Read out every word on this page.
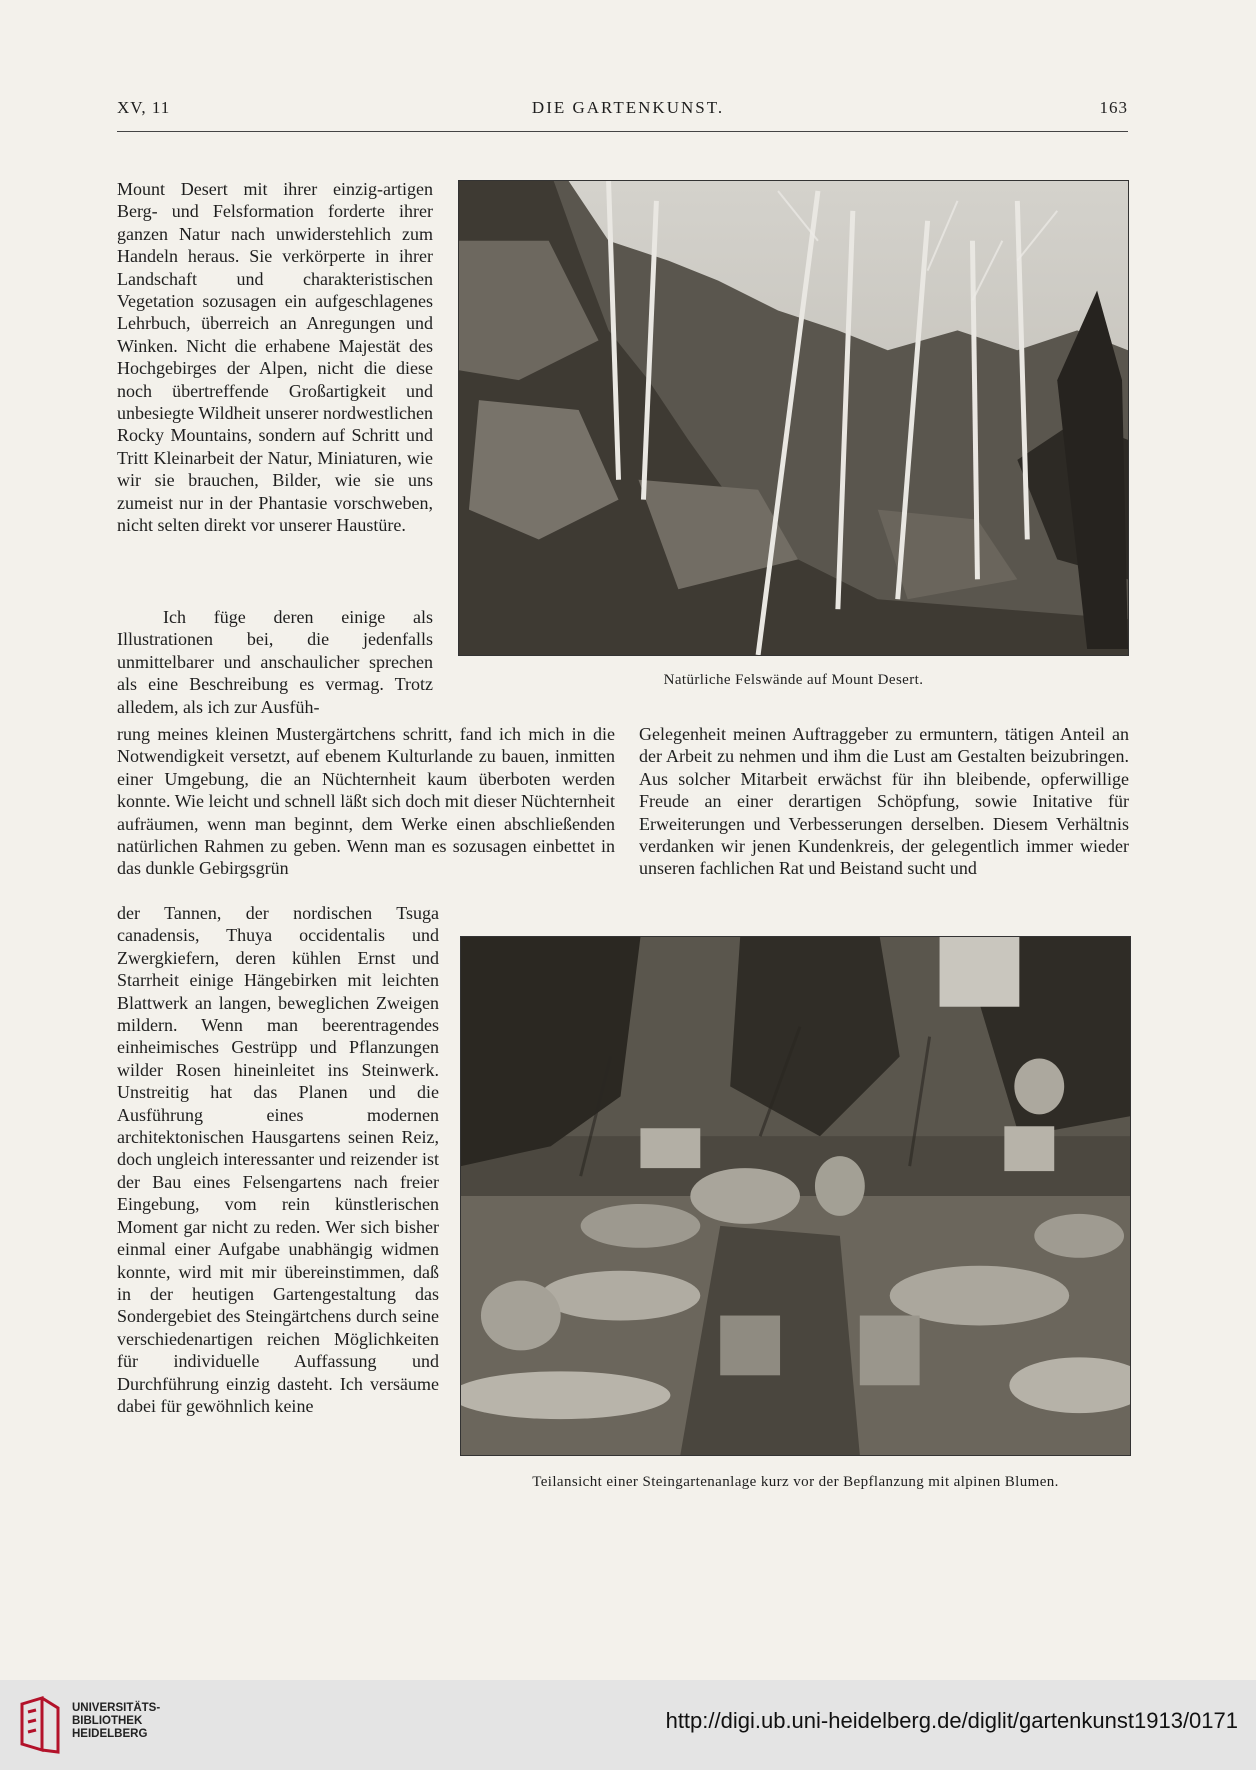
XV, 11	DIE GARTENKUNST.	163

Mount Desert mit ihrer einzig-artigen Berg- und Felsformation forderte ihrer ganzen Natur nach unwiderstehlich zum Handeln heraus. Sie verkörperte in ihrer Landschaft und charakteristischen Vegetation sozusagen ein aufgeschlagenes Lehrbuch, überreich an Anregungen und Winken. Nicht die erhabene Majestät des Hochgebirges der Alpen, nicht die diese noch übertreffende Großartigkeit und unbesiegte Wildheit unserer nordwestlichen Rocky Mountains, sondern auf Schritt und Tritt Kleinarbeit der Natur, Miniaturen, wie wir sie brauchen, Bilder, wie sie uns zumeist nur in der Phantasie vorschweben, nicht selten direkt vor unserer Haustüre.

Ich füge deren einige als Illustrationen bei, die jedenfalls unmittelbarer und anschaulicher sprechen als eine Beschreibung es vermag. Trotz alledem, als ich zur Ausfüh-

Natürliche Felswände auf Mount Desert.

rung meines kleinen Mustergärtchens schritt, fand ich mich in die Notwendigkeit versetzt, auf ebenem Kulturlande zu bauen, inmitten einer Umgebung, die an Nüchternheit kaum überboten werden konnte. Wie leicht und schnell läßt sich doch mit dieser Nüchternheit aufräumen, wenn man beginnt, dem Werke einen abschließenden natürlichen Rahmen zu geben. Wenn man es sozusagen einbettet in das dunkle Gebirgsgrün

Gelegenheit meinen Auftraggeber zu ermuntern, tätigen Anteil an der Arbeit zu nehmen und ihm die Lust am Gestalten beizubringen. Aus solcher Mitarbeit erwächst für ihn bleibende, opferwillige Freude an einer derartigen Schöpfung, sowie Initative für Erweiterungen und Verbesserungen derselben. Diesem Verhältnis verdanken wir jenen Kundenkreis, der gelegentlich immer wieder unseren fachlichen Rat und Beistand sucht und

der Tannen, der nordischen Tsuga canadensis, Thuya occidentalis und Zwergkiefern, deren kühlen Ernst und Starrheit einige Hängebirken mit leichten Blattwerk an langen, beweglichen Zweigen mildern. Wenn man beerentragendes einheimisches Gestrüpp und Pflanzungen wilder Rosen hineinleitet ins Steinwerk. Unstreitig hat das Planen und die Ausführung eines modernen architektonischen Hausgartens seinen Reiz, doch ungleich interessanter und reizender ist der Bau eines Felsengartens nach freier Eingebung, vom rein künstlerischen Moment gar nicht zu reden. Wer sich bisher einmal einer Aufgabe unabhängig widmen konnte, wird mit mir übereinstimmen, daß in der heutigen Gartengestaltung das Sondergebiet des Steingärtchens durch seine verschiedenartigen reichen Möglichkeiten für individuelle Auffassung und Durchführung einzig dasteht. Ich versäume dabei für gewöhnlich keine

Teilansicht einer Steingartenanlage kurz vor der Bepflanzung mit alpinen Blumen.
UNIVERSITÄTS-
BIBLIOTHEK
HEIDELBERG
http://digi.ub.uni-heidelberg.de/diglit/gartenkunst1913/0171
